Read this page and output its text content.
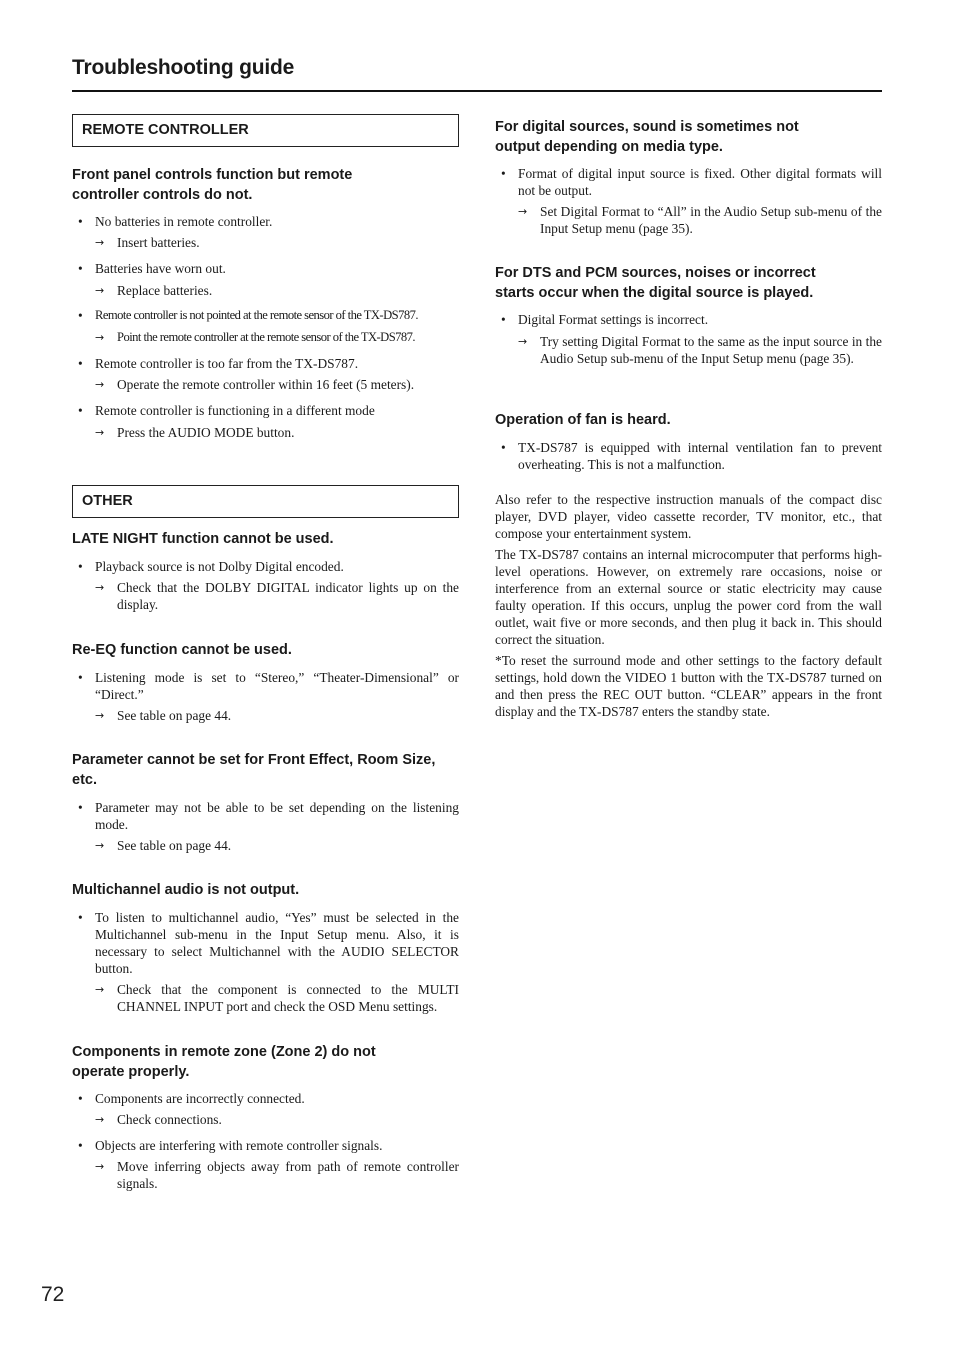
Troubleshooting guide
REMOTE CONTROLLER
Front panel controls function but remote
controller controls do not.
• No batteries in remote controller.
→ Insert batteries.
• Batteries have worn out.
→ Replace batteries.
• Remote controller is not pointed at the remote sensor of the TX-DS787.
→ Point the remote controller at the remote sensor of the TX-DS787.
• Remote controller is too far from the TX-DS787.
→ Operate the remote controller within 16 feet (5 meters).
• Remote controller is functioning in a different mode
→ Press the AUDIO MODE button.
OTHER
LATE NIGHT function cannot be used.
• Playback source is not Dolby Digital encoded.
→ Check that the DOLBY DIGITAL indicator lights up on the display.
Re-EQ function cannot be used.
• Listening mode is set to “Stereo,” “Theater-Dimensional” or “Direct.”
→ See table on page 44.
Parameter cannot be set for Front Effect, Room Size, etc.
• Parameter may not be able to be set depending on the listening mode.
→ See table on page 44.
Multichannel audio is not output.
• To listen to multichannel audio, “Yes” must be selected in the Multichannel sub-menu in the Input Setup menu. Also, it is necessary to select Multichannel with the AUDIO SELECTOR button.
→ Check that the component is connected to the MULTI CHANNEL INPUT port and check the OSD Menu settings.
Components in remote zone (Zone 2) do not
operate properly.
• Components are incorrectly connected.
→ Check connections.
• Objects are interfering with remote controller signals.
→ Move inferring objects away from path of remote controller signals.
For digital sources, sound is sometimes not
output depending on media type.
• Format of digital input source is fixed. Other digital formats will not be output.
→ Set Digital Format to “All” in the Audio Setup sub-menu of the Input Setup menu (page 35).
For DTS and PCM sources, noises or incorrect
starts occur when the digital source is played.
• Digital Format settings is incorrect.
→ Try setting Digital Format to the same as the input source in the Audio Setup sub-menu of the Input Setup menu (page 35).
Operation of fan is heard.
• TX-DS787 is equipped with internal ventilation fan to prevent overheating. This is not a malfunction.
Also refer to the respective instruction manuals of the compact disc player, DVD player, video cassette recorder, TV monitor, etc., that compose your entertainment system.
The TX-DS787 contains an internal microcomputer that performs high-level operations. However, on extremely rare occasions, noise or interference from an external source or static electricity may cause faulty operation. If this occurs, unplug the power cord from the wall outlet, wait five or more seconds, and then plug it back in. This should correct the situation.
*To reset the surround mode and other settings to the factory default settings, hold down the VIDEO 1 button with the TX-DS787 turned on and then press the REC OUT button. “CLEAR” appears in the front display and the TX-DS787 enters the standby state.
72
